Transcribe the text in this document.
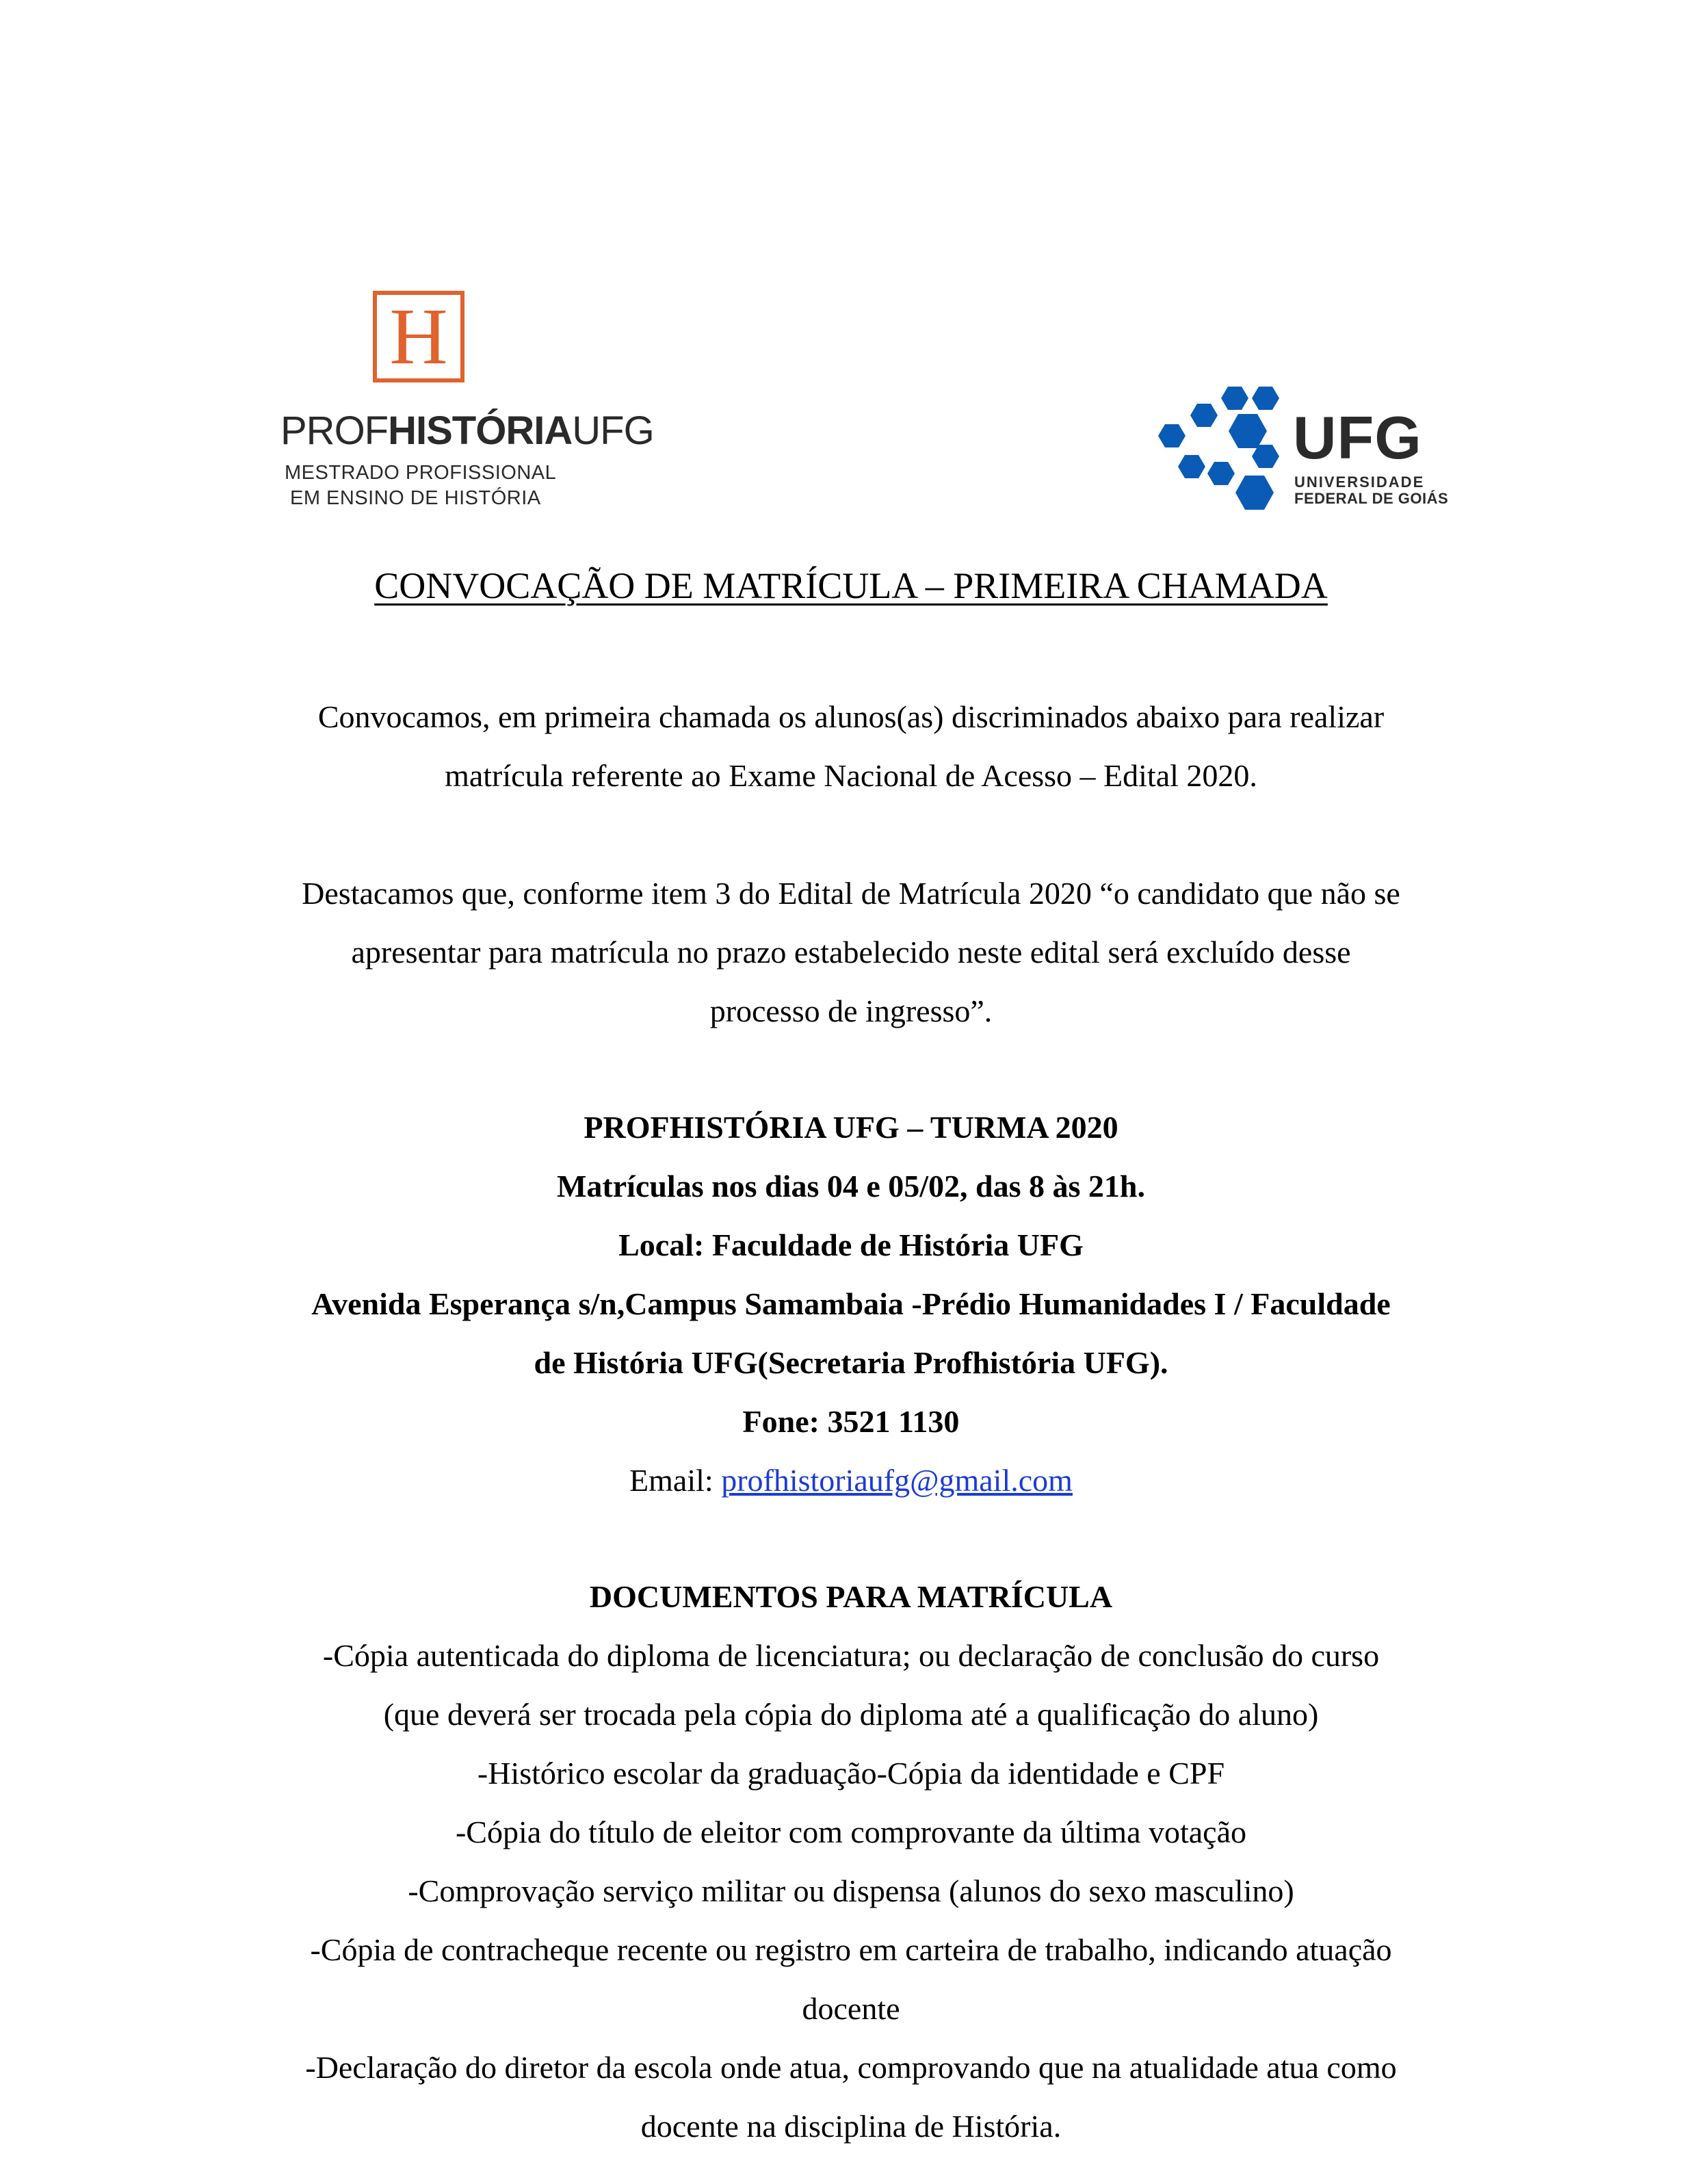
H
PROFHISTÓRIAUFG
MESTRADO PROFISSIONAL
EM ENSINO DE HISTÓRIA
UFG
UNIVERSIDADE
FEDERAL DE GOIÁS
CONVOCAÇÃO DE MATRÍCULA – PRIMEIRA CHAMADA
Convocamos, em primeira chamada os alunos(as) discriminados abaixo para realizar
matrícula referente ao Exame Nacional de Acesso – Edital 2020.
Destacamos que, conforme item 3 do Edital de Matrícula 2020 “o candidato que não se
apresentar para matrícula no prazo estabelecido neste edital será excluído desse
processo de ingresso”.
PROFHISTÓRIA UFG – TURMA 2020
Matrículas nos dias 04 e 05/02, das 8 às 21h.
Local: Faculdade de História UFG
Avenida Esperança s/n,Campus Samambaia -Prédio Humanidades I / Faculdade
de História UFG(Secretaria Profhistória UFG).
Fone: 3521 1130
Email: profhistoriaufg@gmail.com
DOCUMENTOS PARA MATRÍCULA
-Cópia autenticada do diploma de licenciatura; ou declaração de conclusão do curso
(que deverá ser trocada pela cópia do diploma até a qualificação do aluno)
-Histórico escolar da graduação-Cópia da identidade e CPF
-Cópia do título de eleitor com comprovante da última votação
-Comprovação serviço militar ou dispensa (alunos do sexo masculino)
-Cópia de contracheque recente ou registro em carteira de trabalho, indicando atuação
docente
-Declaração do diretor da escola onde atua, comprovando que na atualidade atua como
docente na disciplina de História.
